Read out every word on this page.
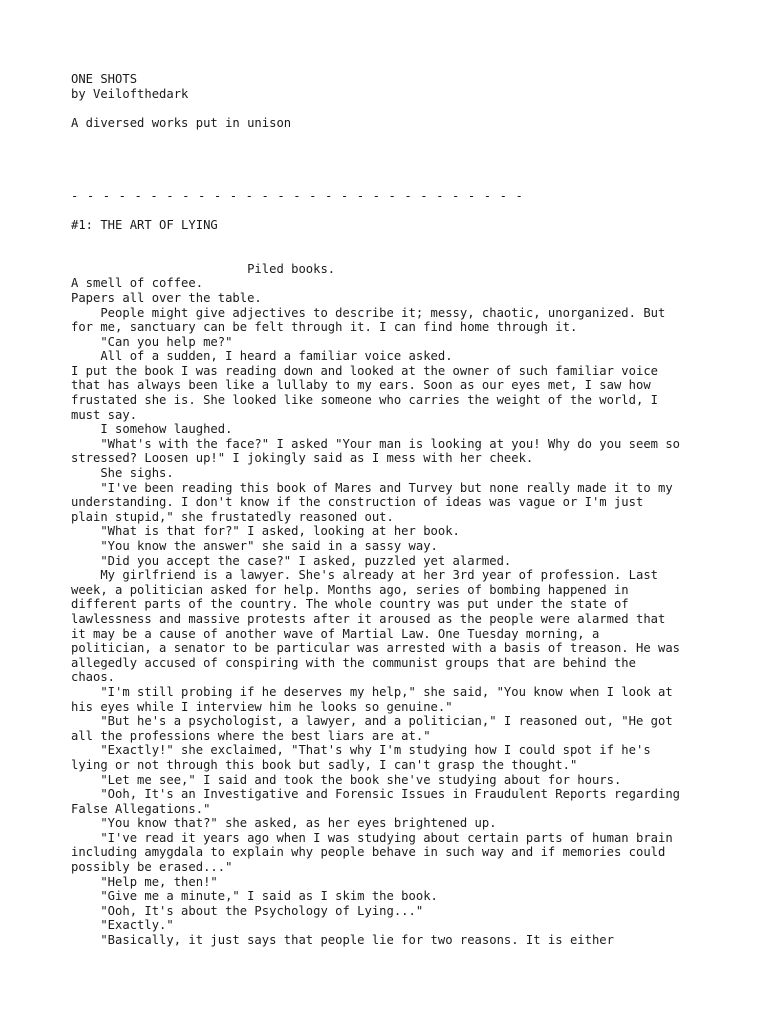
ONE SHOTS
by Veilofthedark
A diversed works put in unison
- - - - - - - - - - - - - - - - - - - - - - - - - - - - -
#1: THE ART OF LYING
Piled books.
A smell of coffee.
Papers all over the table.
People might give adjectives to describe it; messy, chaotic, unorganized. But
for me, sanctuary can be felt through it. I can find home through it.
"Can you help me?"
All of a sudden, I heard a familiar voice asked.
I put the book I was reading down and looked at the owner of such familiar voice
that has always been like a lullaby to my ears. Soon as our eyes met, I saw how
frustated she is. She looked like someone who carries the weight of the world, I
must say.
I somehow laughed.
"What's with the face?" I asked "Your man is looking at you! Why do you seem so
stressed? Loosen up!" I jokingly said as I mess with her cheek.
She sighs.
"I've been reading this book of Mares and Turvey but none really made it to my
understanding. I don't know if the construction of ideas was vague or I'm just
plain stupid," she frustatedly reasoned out.
"What is that for?" I asked, looking at her book.
"You know the answer" she said in a sassy way.
"Did you accept the case?" I asked, puzzled yet alarmed.
My girlfriend is a lawyer. She's already at her 3rd year of profession. Last
week, a politician asked for help. Months ago, series of bombing happened in
different parts of the country. The whole country was put under the state of
lawlessness and massive protests after it aroused as the people were alarmed that
it may be a cause of another wave of Martial Law. One Tuesday morning, a
politician, a senator to be particular was arrested with a basis of treason. He was
allegedly accused of conspiring with the communist groups that are behind the
chaos.
"I'm still probing if he deserves my help," she said, "You know when I look at
his eyes while I interview him he looks so genuine."
"But he's a psychologist, a lawyer, and a politician," I reasoned out, "He got
all the professions where the best liars are at."
"Exactly!" she exclaimed, "That's why I'm studying how I could spot if he's
lying or not through this book but sadly, I can't grasp the thought."
"Let me see," I said and took the book she've studying about for hours.
"Ooh, It's an Investigative and Forensic Issues in Fraudulent Reports regarding
False Allegations."
"You know that?" she asked, as her eyes brightened up.
"I've read it years ago when I was studying about certain parts of human brain
including amygdala to explain why people behave in such way and if memories could
possibly be erased..."
"Help me, then!"
"Give me a minute," I said as I skim the book.
"Ooh, It's about the Psychology of Lying..."
"Exactly."
"Basically, it just says that people lie for two reasons. It is either
